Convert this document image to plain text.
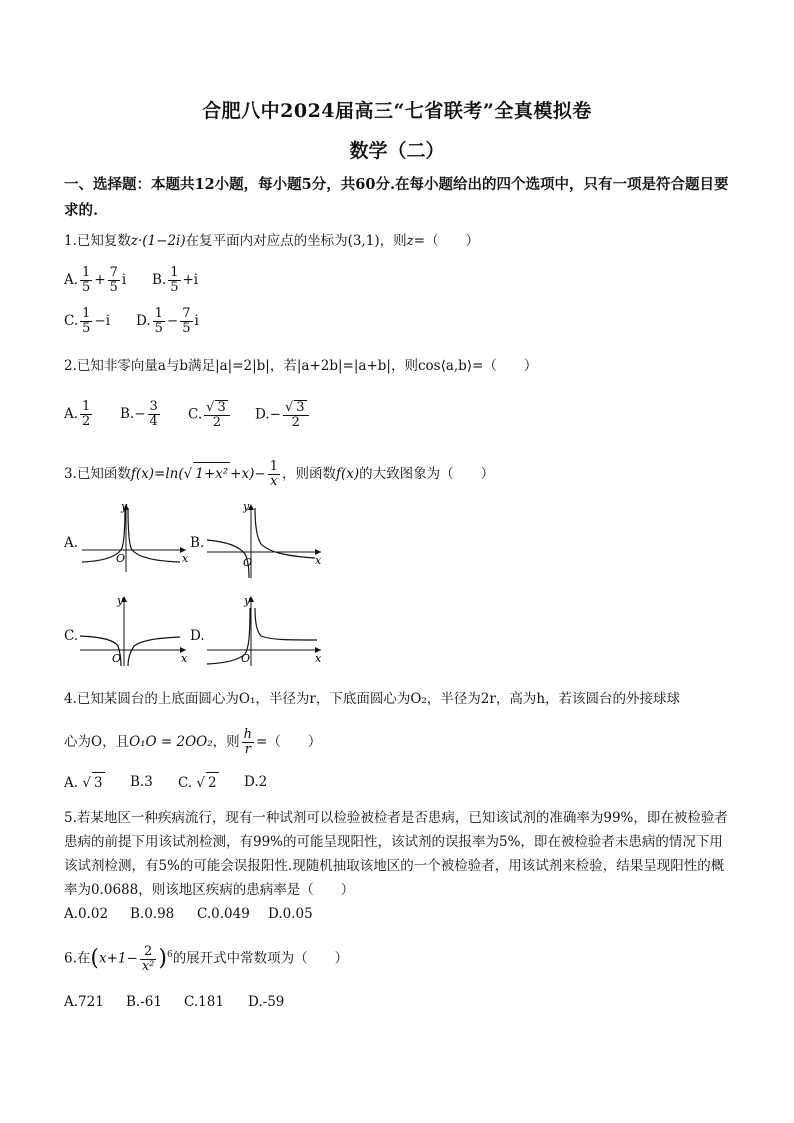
合肥八中2024届高三“七省联考”全真模拟卷
数学（二）
一、选择题：本题共12小题，每小题5分，共60分.在每小题给出的四个选项中，只有一项是符合题目要求的.
1.已知复数z·(1−2i)在复平面内对应点的坐标为(3,1)，则z=（　　）
A. $\frac{1}{5} + \frac{7}{5}$ i B. $\frac{1}{5} +i$
C. $\frac{1}{5} -i$ D. $\frac{1}{5} - \frac{7}{5}$ i
2.已知非零向量a与b满足|a|=2|b|，若|a+2b|=|a+b|，则cos⟨a,b⟩=（　　）
A. $\frac{1}{2} B.- \frac{3}{4} C$. $\frac{√ 3}{2} D.- \frac{√ 3}{2}$
3.已知函数f(x)=ln(√ $1+x^2 +x)- \frac{1}{x}$ ，则函数f(x)的大致图象为（　　）
A.
y
x
O
B.
y
x
O
C.
y
x
O
D.
y
x
O
4.已知某圆台的上底面圆心为O₁，半径为r，下底面圆心为O₂，半径为2r，高为h，若该圆台的外接球球
心为O，且O₁O = 2OO₂，则 $\frac{h}{r}$ =（　　）
A. √ 3 B.3 C. √ 2 D.2
5.若某地区一种疾病流行，现有一种试剂可以检验被检者是否患病，已知该试剂的准确率为99%，即在被检验者患病的前提下用该试剂检测，有99%的可能呈现阳性，该试剂的误报率为5%，即在被检验者未患病的情况下用该试剂检测，有5%的可能会误报阳性.现随机抽取该地区的一个被检验者，用该试剂来检验，结果呈现阳性的概率为0.0688，则该地区疾病的患病率是（　　）
A.0.02 B.0.98 C.0.049 D.0.05
6.在$(x+1- \frac{2}{\text{x²}} )^6$的展开式中常数项为（　　）
A.721 B.-61 C.181 D.-59
